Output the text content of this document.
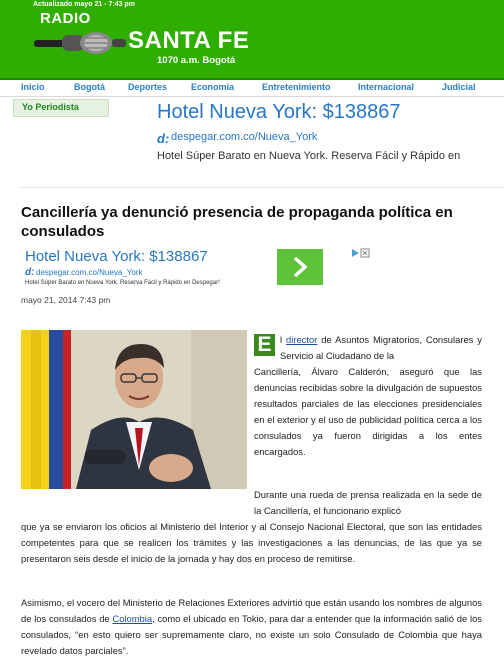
Actualizado mayo 21 - 7:43 pm
RADIO
SANTA FE
1070 a.m. Bogotá
Inicio	Bogotá	Deportes	Economía	Entretenimiento	Internacional	Judicial
Yo Periodista	Hotel Nueva York: $138867
d: despegar.com.co/Nueva_York
Hotel Súper Barato en Nueva York. Reserva Fácil y Rápido en
Cancillería ya denunció presencia de propaganda política en consulados
Hotel Nueva York: $138867
d: despegar.com.co/Nueva_York
Hotel Súper Barato en Nueva York. Reserva Fácil y Rápido en Despegar!
mayo 21, 2014 7:43 pm
E l director de Asuntos Migratorios, Consulares y Servicio al Ciudadano de la
Cancillería, Álvaro Calderón, aseguró que las denuncias recibidas sobre la divulgación de supuestos resultados parciales de las elecciones presidenciales en el exterior y el uso de publicidad política cerca a los consulados ya fueron dirigidas a los entes encargados.
Durante una rueda de prensa realizada en la sede de la Cancillería, el funcionario explicó
que ya se enviaron los oficios al Ministerio del Interior y al Consejo Nacional Electoral, que son las entidades competentes para que se realicen los trámites y las investigaciones a las denuncias, de las que ya se presentaron seis desde el inicio de la jornada y hay dos en proceso de remitirse.
Asimismo, el vocero del Ministerio de Relaciones Exteriores advirtió que están usando los nombres de algunos de los consulados de Colombia, como el ubicado en Tokio, para dar a entender que la información salió de los consulados, “en esto quiero ser supremamente claro, no existe un solo Consulado de Colombia que haya revelado datos parciales”.
